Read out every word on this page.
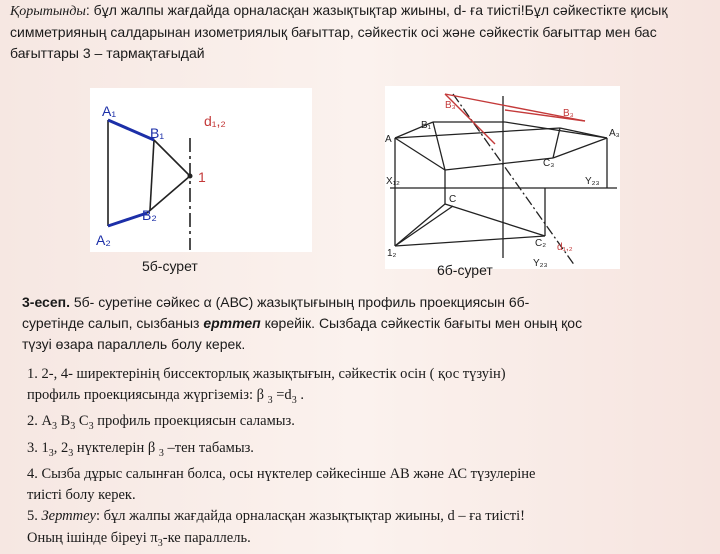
Қорытынды: бұл жалпы жағдайда орналасқан жазықтықтар жиыны, d- ға тиісті!Бұл сәйкестікте қисық симметрияның салдарынан изометриялық бағыттар, сәйкестік осі және сәйкестік бағыттар мен бас бағыттары 3 – тармақтағыдай
A₁
B₁
B₂
A₂
d₁,₂
1
5б-сурет
B₃
B₃
d₁,₂
B₁
A
A₃
C₃
X₁₂	Y₂₃
C
C₂
1₂
Y₂₃
6б-сурет
3-есеп. 5б- суретіне сәйкес α (АВС) жазықтығының профиль проекциясын 6б-
суретінде салып, сызбаныз ерттеп көрейік. Сызбада сәйкестік бағыты мен оның қос
түзуі өзара параллель болу керек.
1. 2-, 4- ширектерінің биссекторлық жазықтығын, сәйкестік осін ( қос түзуін)
профиль проекциясында жүргіземіз: β $_3 =d_3$ .
2. $А_3$ $В_3$ $С_3$ профиль проекциясын саламыз.
3. $1_3$, $2_3$ нүктелерін β $_3$ –тен табамыз.
4. Сызба дұрыс салынған болса, осы нүктелер сәйкесінше АВ және АС түзулеріне
тиісті болу керек.
5. Зерттеу: бұл жалпы жағдайда орналасқан жазықтықтар жиыны, d – ға тиісті!
Оның ішінде біреуі $\pi_3-ке$ параллель.
